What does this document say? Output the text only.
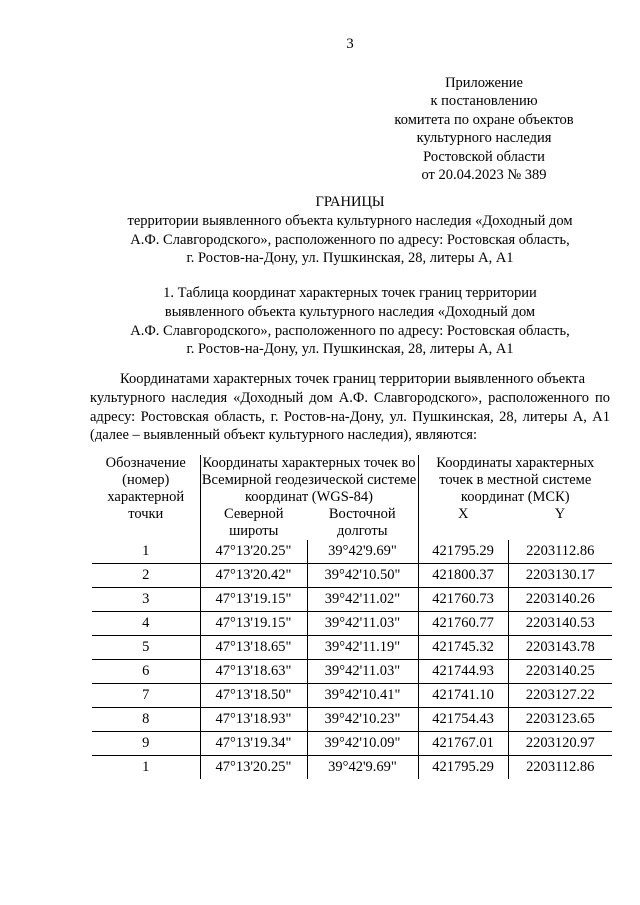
3
Приложение
к постановлению
комитета по охране объектов
культурного наследия
Ростовской области
от 20.04.2023 № 389
ГРАНИЦЫ
территории выявленного объекта культурного наследия «Доходный дом
А.Ф. Славгородского», расположенного по адресу: Ростовская область,
г. Ростов-на-Дону, ул. Пушкинская, 28, литеры А, А1
1. Таблица координат характерных точек границ территории
выявленного объекта культурного наследия «Доходный дом
А.Ф. Славгородского», расположенного по адресу: Ростовская область,
г. Ростов-на-Дону, ул. Пушкинская, 28, литеры А, А1
Координатами характерных точек границ территории выявленного объекта
культурного наследия «Доходный дом А.Ф. Славгородского», расположенного по адресу: Ростовская область, г. Ростов-на-Дону, ул. Пушкинская, 28, литеры А, А1 (далее – выявленный объект культурного наследия), являются:
Обозначение (номер) характерной точки	Координаты характерных точек во Всемирной геодезической системе координат (WGS-84)		Координаты характерных точек в местной системе координат (МСК)	
	Северной широты	Восточной долготы	X	Y
1	47°13'20.25"	39°42'9.69"	421795.29	2203112.86
2	47°13'20.42"	39°42'10.50"	421800.37	2203130.17
3	47°13'19.15"	39°42'11.02"	421760.73	2203140.26
4	47°13'19.15"	39°42'11.03"	421760.77	2203140.53
5	47°13'18.65"	39°42'11.19"	421745.32	2203143.78
6	47°13'18.63"	39°42'11.03"	421744.93	2203140.25
7	47°13'18.50"	39°42'10.41"	421741.10	2203127.22
8	47°13'18.93"	39°42'10.23"	421754.43	2203123.65
9	47°13'19.34"	39°42'10.09"	421767.01	2203120.97
1	47°13'20.25"	39°42'9.69"	421795.29	2203112.86
